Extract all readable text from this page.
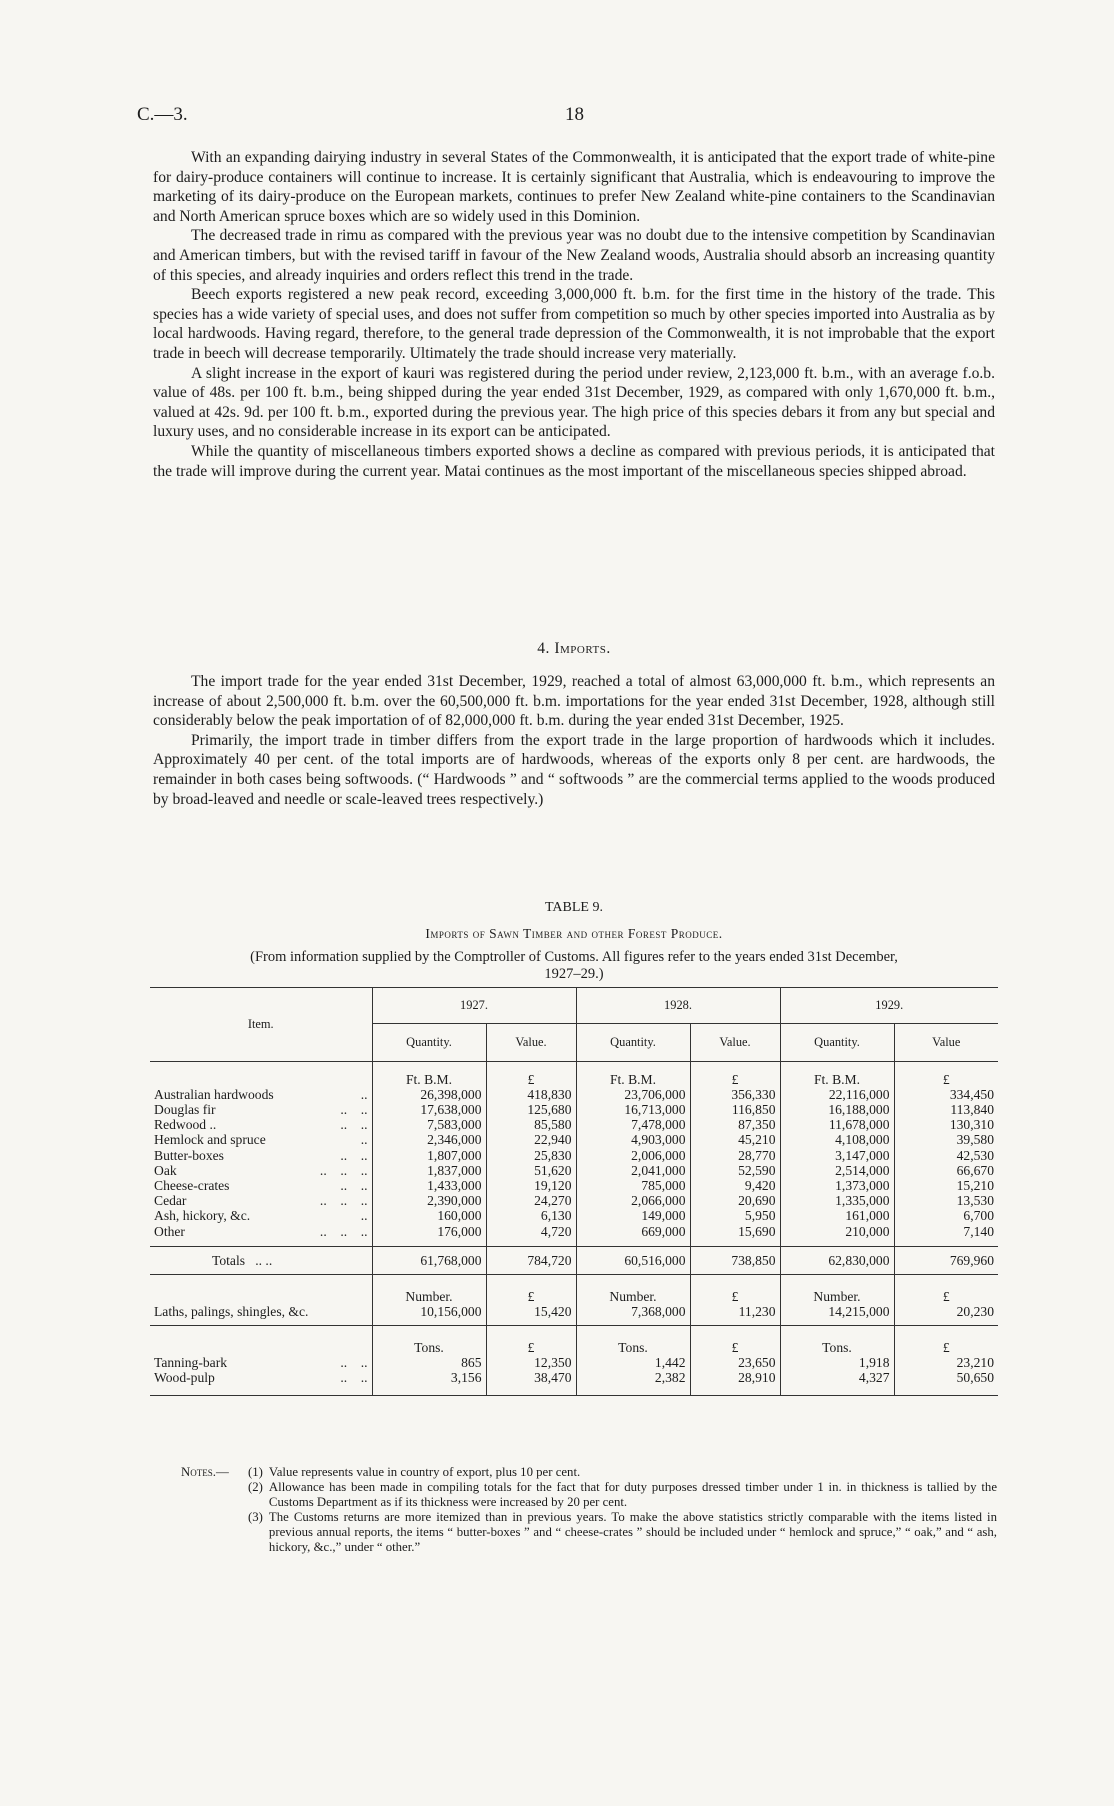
C.—3.	18

With an expanding dairying industry in several States of the Commonwealth, it is anticipated that the export trade of white-pine for dairy-produce containers will continue to increase. It is certainly significant that Australia, which is endeavouring to improve the marketing of its dairy-produce on the European markets, continues to prefer New Zealand white-pine containers to the Scandinavian and North American spruce boxes which are so widely used in this Dominion.

The decreased trade in rimu as compared with the previous year was no doubt due to the intensive competition by Scandinavian and American timbers, but with the revised tariff in favour of the New Zealand woods, Australia should absorb an increasing quantity of this species, and already inquiries and orders reflect this trend in the trade.

Beech exports registered a new peak record, exceeding 3,000,000 ft. b.m. for the first time in the history of the trade. This species has a wide variety of special uses, and does not suffer from competition so much by other species imported into Australia as by local hardwoods. Having regard, therefore, to the general trade depression of the Commonwealth, it is not improbable that the export trade in beech will decrease temporarily. Ultimately the trade should increase very materially.

A slight increase in the export of kauri was registered during the period under review, 2,123,000 ft. b.m., with an average f.o.b. value of 48s. per 100 ft. b.m., being shipped during the year ended 31st December, 1929, as compared with only 1,670,000 ft. b.m., valued at 42s. 9d. per 100 ft. b.m., exported during the previous year. The high price of this species debars it from any but special and luxury uses, and no considerable increase in its export can be anticipated.

While the quantity of miscellaneous timbers exported shows a decline as compared with previous periods, it is anticipated that the trade will improve during the current year. Matai continues as the most important of the miscellaneous species shipped abroad.

4. Imports.

The import trade for the year ended 31st December, 1929, reached a total of almost 63,000,000 ft. b.m., which represents an increase of about 2,500,000 ft. b.m. over the 60,500,000 ft. b.m. importations for the year ended 31st December, 1928, although still considerably below the peak importation of of 82,000,000 ft. b.m. during the year ended 31st December, 1925.

Primarily, the import trade in timber differs from the export trade in the large proportion of hardwoods which it includes. Approximately 40 per cent. of the total imports are of hardwoods, whereas of the exports only 8 per cent. are hardwoods, the remainder in both cases being softwoods. (“ Hardwoods ” and “ softwoods ” are the commercial terms applied to the woods produced by broad-leaved and needle or scale-leaved trees respectively.)

TABLE 9.
Imports of Sawn Timber and other Forest Produce.
(From information supplied by the Comptroller of Customs. All figures refer to the years ended 31st December,
1927–29.)
Item.	1927.		1928.		1929.	
	Quantity.	Value.	Quantity.	Value.	Quantity.	Value

	Ft. B.M.	£	Ft. B.M.	£	Ft. B.M.	£

Australian hardwoods ..	26,398,000	418,830	23,706,000	356,330	22,116,000	334,450

Douglas fir ..    ..	17,638,000	125,680	16,713,000	116,850	16,188,000	113,840

Redwood .. ..    ..	7,583,000	85,580	7,478,000	87,350	11,678,000	130,310

Hemlock and spruce ..	2,346,000	22,940	4,903,000	45,210	4,108,000	39,580

Butter-boxes ..    ..	1,807,000	25,830	2,006,000	28,770	3,147,000	42,530

Oak ..    ..    ..	1,837,000	51,620	2,041,000	52,590	2,514,000	66,670

Cheese-crates ..    ..	1,433,000	19,120	785,000	9,420	1,373,000	15,210

Cedar ..    ..    ..	2,390,000	24,270	2,066,000	20,690	1,335,000	13,530

Ash, hickory, &c. ..	160,000	6,130	149,000	5,950	161,000	6,700

Other ..    ..    ..	176,000	4,720	669,000	15,690	210,000	7,140

Totals .. ..	61,768,000	784,720	60,516,000	738,850	62,830,000	769,960

	Number.	£	Number.	£	Number.	£
Laths, palings, shingles, &c.	10,156,000	15,420	7,368,000	11,230	14,215,000	20,230

	Tons.	£	Tons.	£	Tons.	£

Tanning-bark ..    ..	865	12,350	1,442	23,650	1,918	23,210

Wood-pulp ..    ..	3,156	38,470	2,382	28,910	4,327	50,650

Notes.—	(1) Value represents value in country of export, plus 10 per cent.
(2) Allowance has been made in compiling totals for the fact that for duty purposes dressed timber under 1 in. in thickness is tallied by the Customs Department as if its thickness were increased by 20 per cent.
(3) The Customs returns are more itemized than in previous years. To make the above statistics strictly comparable with the items listed in previous annual reports, the items “ butter-boxes ” and “ cheese-crates ” should be included under “ hemlock and spruce,” “ oak,” and “ ash, hickory, &c.,” under “ other.”
